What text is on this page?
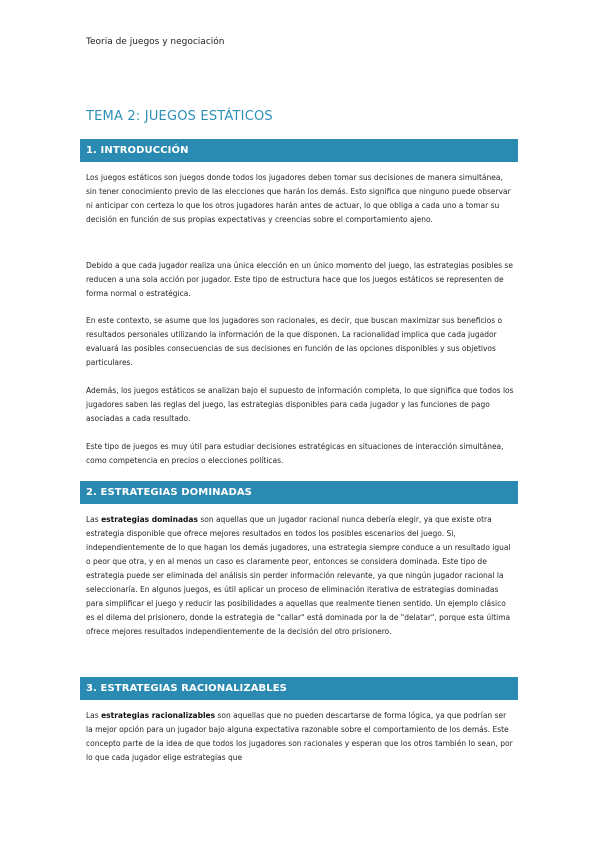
Teoria de juegos y negociación
TEMA 2: JUEGOS ESTÁTICOS
1. INTRODUCCIÓN

Los juegos estáticos son juegos donde todos los jugadores deben tomar sus decisiones de manera simultánea, sin tener conocimiento previo de las elecciones que harán los demás. Esto significa que ninguno puede observar ni anticipar con certeza lo que los otros jugadores harán antes de actuar, lo que obliga a cada uno a tomar su decisión en función de sus propias expectativas y creencias sobre el comportamiento ajeno.

Debido a que cada jugador realiza una única elección en un único momento del juego, las estrategias posibles se reducen a una sola acción por jugador. Este tipo de estructura hace que los juegos estáticos se representen de forma normal o estratégica.

En este contexto, se asume que los jugadores son racionales, es decir, que buscan maximizar sus beneficios o resultados personales utilizando la información de la que disponen. La racionalidad implica que cada jugador evaluará las posibles consecuencias de sus decisiones en función de las opciones disponibles y sus objetivos particulares.

Además, los juegos estáticos se analizan bajo el supuesto de información completa, lo que significa que todos los jugadores saben las reglas del juego, las estrategias disponibles para cada jugador y las funciones de pago asociadas a cada resultado.

Este tipo de juegos es muy útil para estudiar decisiones estratégicas en situaciones de interacción simultánea, como competencia en precios o elecciones políticas.

2. ESTRATEGIAS DOMINADAS

Las estrategias dominadas son aquellas que un jugador racional nunca debería elegir, ya que existe otra estrategia disponible que ofrece mejores resultados en todos los posibles escenarios del juego. Si, independientemente de lo que hagan los demás jugadores, una estrategia siempre conduce a un resultado igual o peor que otra, y en al menos un caso es claramente peor, entonces se considera dominada. Este tipo de estrategia puede ser eliminada del análisis sin perder información relevante, ya que ningún jugador racional la seleccionaría. En algunos juegos, es útil aplicar un proceso de eliminación iterativa de estrategias dominadas para simplificar el juego y reducir las posibilidades a aquellas que realmente tienen sentido. Un ejemplo clásico es el dilema del prisionero, donde la estrategia de "callar" está dominada por la de "delatar", porque esta última ofrece mejores resultados independientemente de la decisión del otro prisionero.

3. ESTRATEGIAS RACIONALIZABLES

Las estrategias racionalizables son aquellas que no pueden descartarse de forma lógica, ya que podrían ser la mejor opción para un jugador bajo alguna expectativa razonable sobre el comportamiento de los demás. Este concepto parte de la idea de que todos los jugadores son racionales y esperan que los otros también lo sean, por lo que cada jugador elige estrategias que
